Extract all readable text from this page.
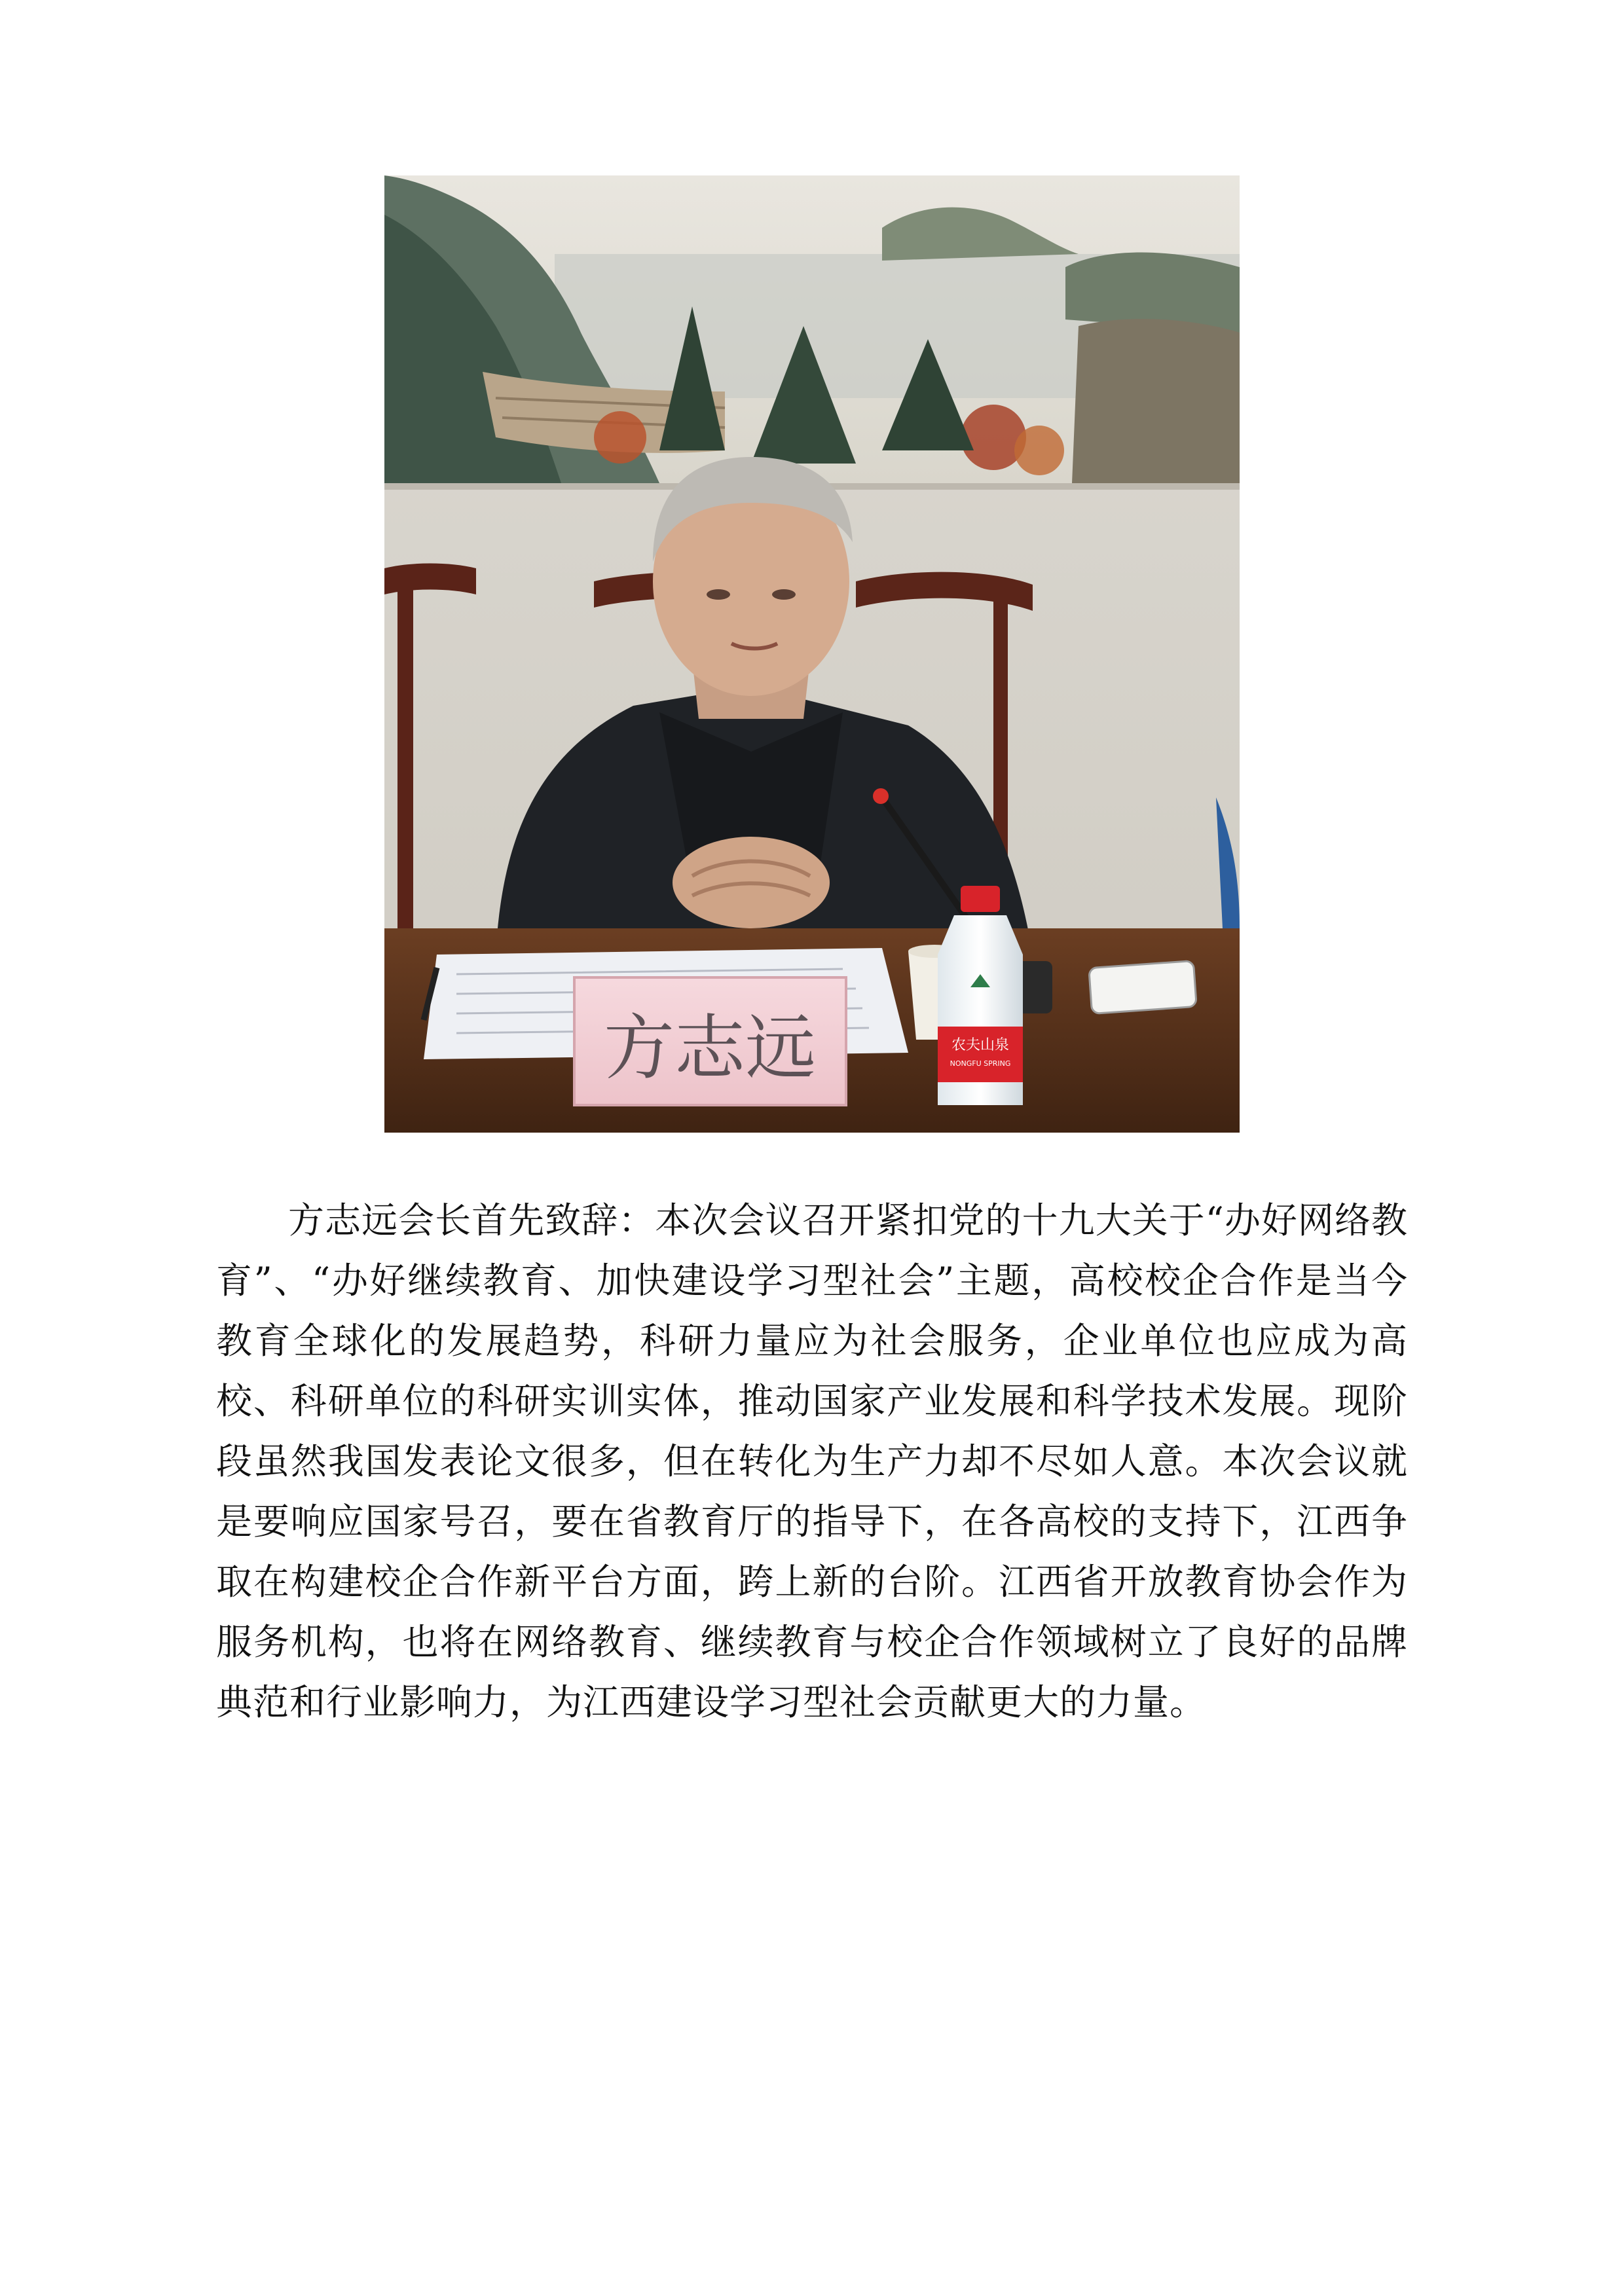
方志远	农夫山泉
NONGFU SPRING

方志远会长首先致辞：本次会议召开紧扣党的十九大关于“办好网络教育”、“办好继续教育、加快建设学习型社会”主题，高校校企合作是当今教育全球化的发展趋势，科研力量应为社会服务，企业单位也应成为高校、科研单位的科研实训实体，推动国家产业发展和科学技术发展。现阶段虽然我国发表论文很多，但在转化为生产力却不尽如人意。本次会议就是要响应国家号召，要在省教育厅的指导下，在各高校的支持下，江西争取在构建校企合作新平台方面，跨上新的台阶。江西省开放教育协会作为服务机构，也将在网络教育、继续教育与校企合作领域树立了良好的品牌典范和行业影响力，为江西建设学习型社会贡献更大的力量。
